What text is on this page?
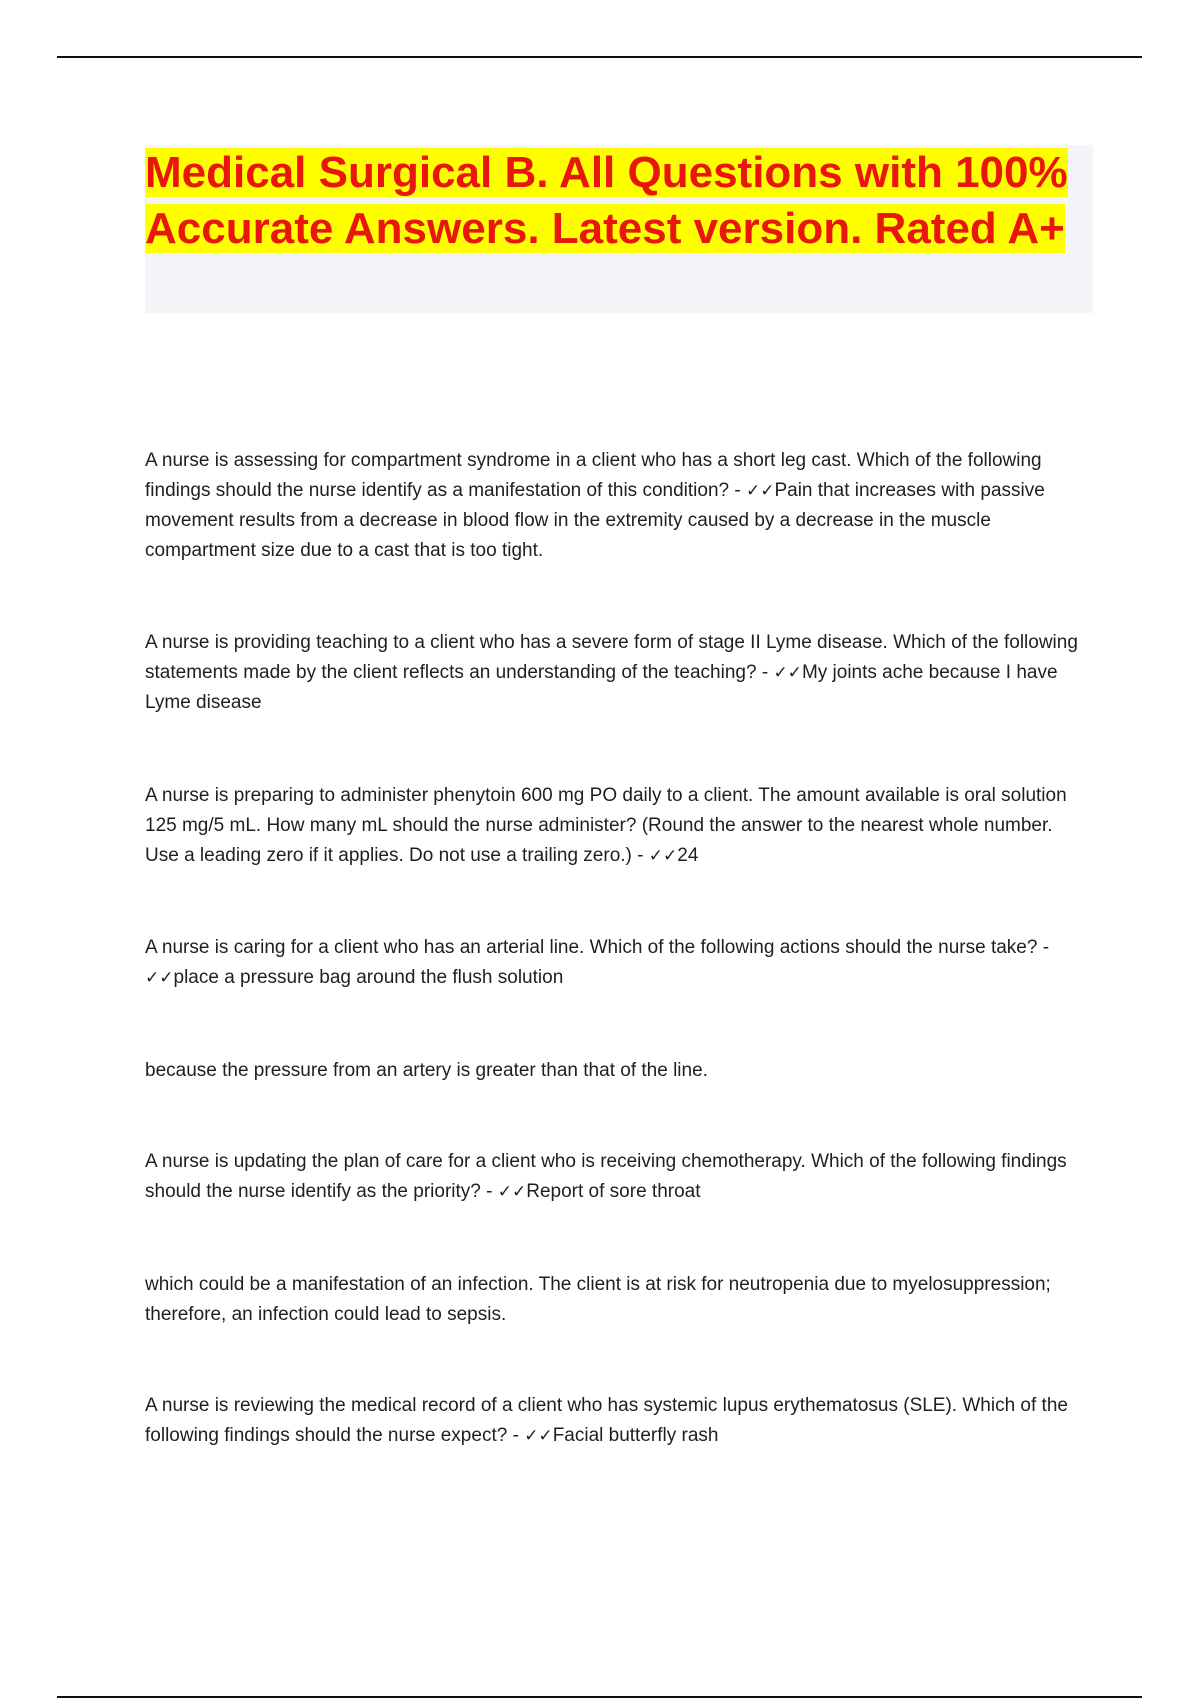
Medical Surgical B. All Questions with 100% Accurate Answers. Latest version. Rated A+

A nurse is assessing for compartment syndrome in a client who has a short leg cast. Which of the following findings should the nurse identify as a manifestation of this condition? - ✓✓Pain that increases with passive movement results from a decrease in blood flow in the extremity caused by a decrease in the muscle compartment size due to a cast that is too tight.

A nurse is providing teaching to a client who has a severe form of stage II Lyme disease. Which of the following statements made by the client reflects an understanding of the teaching? - ✓✓My joints ache because I have Lyme disease

A nurse is preparing to administer phenytoin 600 mg PO daily to a client. The amount available is oral solution 125 mg/5 mL. How many mL should the nurse administer? (Round the answer to the nearest whole number. Use a leading zero if it applies. Do not use a trailing zero.) - ✓✓24

A nurse is caring for a client who has an arterial line. Which of the following actions should the nurse take? - ✓✓place a pressure bag around the flush solution

because the pressure from an artery is greater than that of the line.

A nurse is updating the plan of care for a client who is receiving chemotherapy. Which of the following findings should the nurse identify as the priority? - ✓✓Report of sore throat

which could be a manifestation of an infection. The client is at risk for neutropenia due to myelosuppression; therefore, an infection could lead to sepsis.

A nurse is reviewing the medical record of a client who has systemic lupus erythematosus (SLE). Which of the following findings should the nurse expect? - ✓✓Facial butterfly rash
